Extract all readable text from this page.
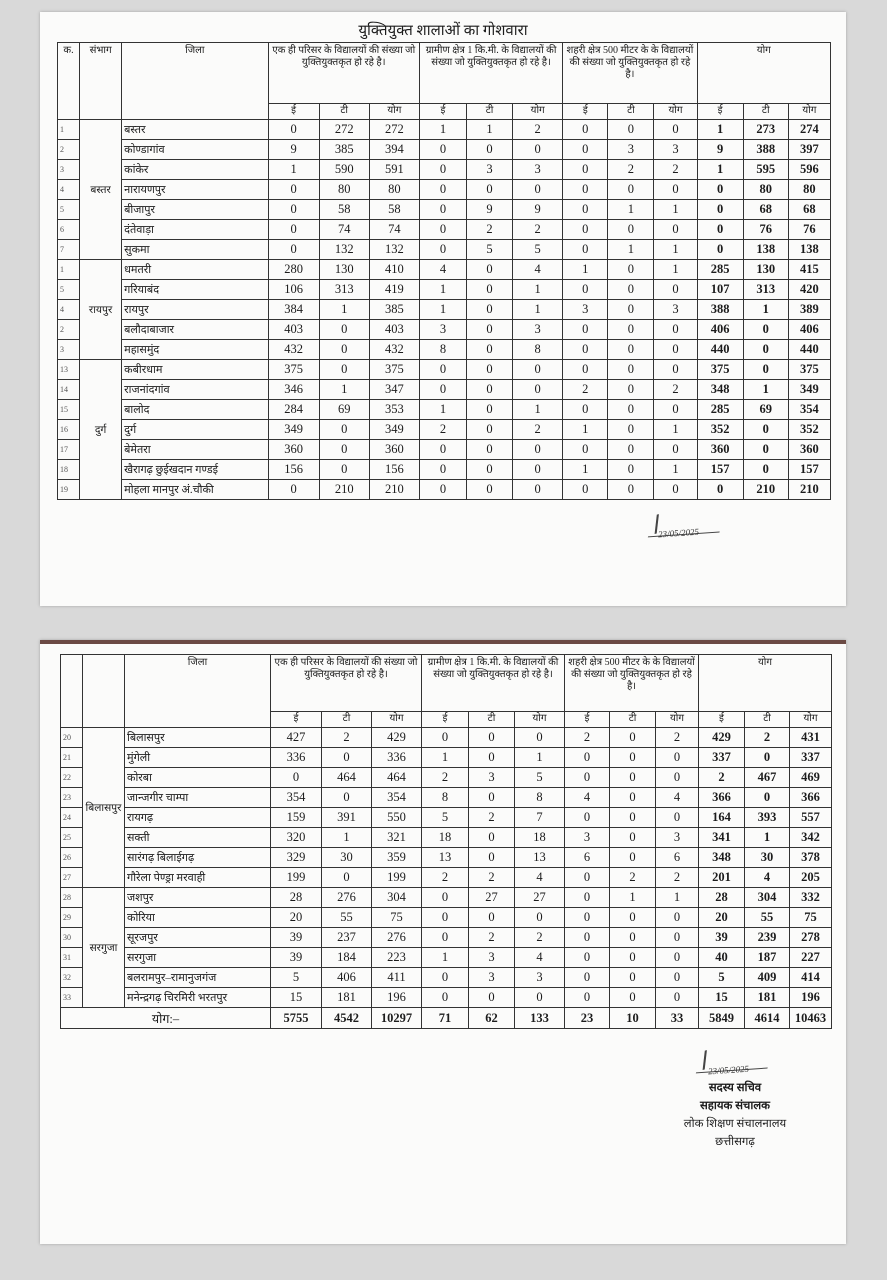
युक्तियुक्त शालाओं का गोशवारा
क.	संभाग	जिला	एक ही परिसर के विद्यालयों की संख्या जो युक्तियुक्तकृत हो रहे है।			ग्रामीण क्षेत्र 1 कि.मी. के विद्यालयों की संख्या जो युक्तियुक्तकृत हो रहे है।			शहरी क्षेत्र 500 मीटर के के विद्यालयों की संख्या जो युक्तियुक्तकृत हो रहे है।			योग		
			ई	टी	योग	ई	टी	योग	ई	टी	योग	ई	टी	योग
1	बस्तर	बस्तर	0	272	272	1	1	2	0	0	0	1	273	274
2		कोण्डागांव	9	385	394	0	0	0	0	3	3	9	388	397
3		कांकेर	1	590	591	0	3	3	0	2	2	1	595	596
4		नारायणपुर	0	80	80	0	0	0	0	0	0	0	80	80
5		बीजापुर	0	58	58	0	9	9	0	1	1	0	68	68
6		दंतेवाड़ा	0	74	74	0	2	2	0	0	0	0	76	76
7		सुकमा	0	132	132	0	5	5	0	1	1	0	138	138
1	रायपुर	धमतरी	280	130	410	4	0	4	1	0	1	285	130	415
5		गरियाबंद	106	313	419	1	0	1	0	0	0	107	313	420
4		रायपुर	384	1	385	1	0	1	3	0	3	388	1	389
2		बलौदाबाजार	403	0	403	3	0	3	0	0	0	406	0	406
3		महासमुंद	432	0	432	8	0	8	0	0	0	440	0	440
13	दुर्ग	कबीरधाम	375	0	375	0	0	0	0	0	0	375	0	375
14		राजनांदगांव	346	1	347	0	0	0	2	0	2	348	1	349
15		बालोद	284	69	353	1	0	1	0	0	0	285	69	354
16		दुर्ग	349	0	349	2	0	2	1	0	1	352	0	352
17		बेमेतरा	360	0	360	0	0	0	0	0	0	360	0	360
18		खैरागढ़ छुईखदान गण्डई	156	0	156	0	0	0	1	0	1	157	0	157
19		मोहला मानपुर अं.चौकी	0	210	210	0	0	0	0	0	0	0	210	210
23/05/2025
		जिला	एक ही परिसर के विद्यालयों की संख्या जो युक्तियुक्तकृत हो रहे है।			ग्रामीण क्षेत्र 1 कि.मी. के विद्यालयों की संख्या जो युक्तियुक्तकृत हो रहे है।			शहरी क्षेत्र 500 मीटर के के विद्यालयों की संख्या जो युक्तियुक्तकृत हो रहे है।			योग		
			ई	टी	योग	ई	टी	योग	ई	टी	योग	ई	टी	योग
20	बिलासपुर	बिलासपुर	427	2	429	0	0	0	2	0	2	429	2	431
21		मुंगेली	336	0	336	1	0	1	0	0	0	337	0	337
22		कोरबा	0	464	464	2	3	5	0	0	0	2	467	469
23		जान्जगीर चाम्पा	354	0	354	8	0	8	4	0	4	366	0	366
24		रायगढ़	159	391	550	5	2	7	0	0	0	164	393	557
25		सक्ती	320	1	321	18	0	18	3	0	3	341	1	342
26		सारंगढ़ बिलाईगढ़	329	30	359	13	0	13	6	0	6	348	30	378
27		गौरेला पेण्ड्रा मरवाही	199	0	199	2	2	4	0	2	2	201	4	205
28	सरगुजा	जशपुर	28	276	304	0	27	27	0	1	1	28	304	332
29		कोरिया	20	55	75	0	0	0	0	0	0	20	55	75
30		सूरजपुर	39	237	276	0	2	2	0	0	0	39	239	278
31		सरगुजा	39	184	223	1	3	4	0	0	0	40	187	227
32		बलरामपुर–रामानुजगंज	5	406	411	0	3	3	0	0	0	5	409	414
33		मनेन्द्रगढ़ चिरमिरी भरतपुर	15	181	196	0	0	0	0	0	0	15	181	196
योग:–			5755	4542	10297	71	62	133	23	10	33	5849	4614	10463
23/05/2025
सदस्य सचिव
सहायक संचालक
लोक शिक्षण संचालनालय
छत्तीसगढ़
